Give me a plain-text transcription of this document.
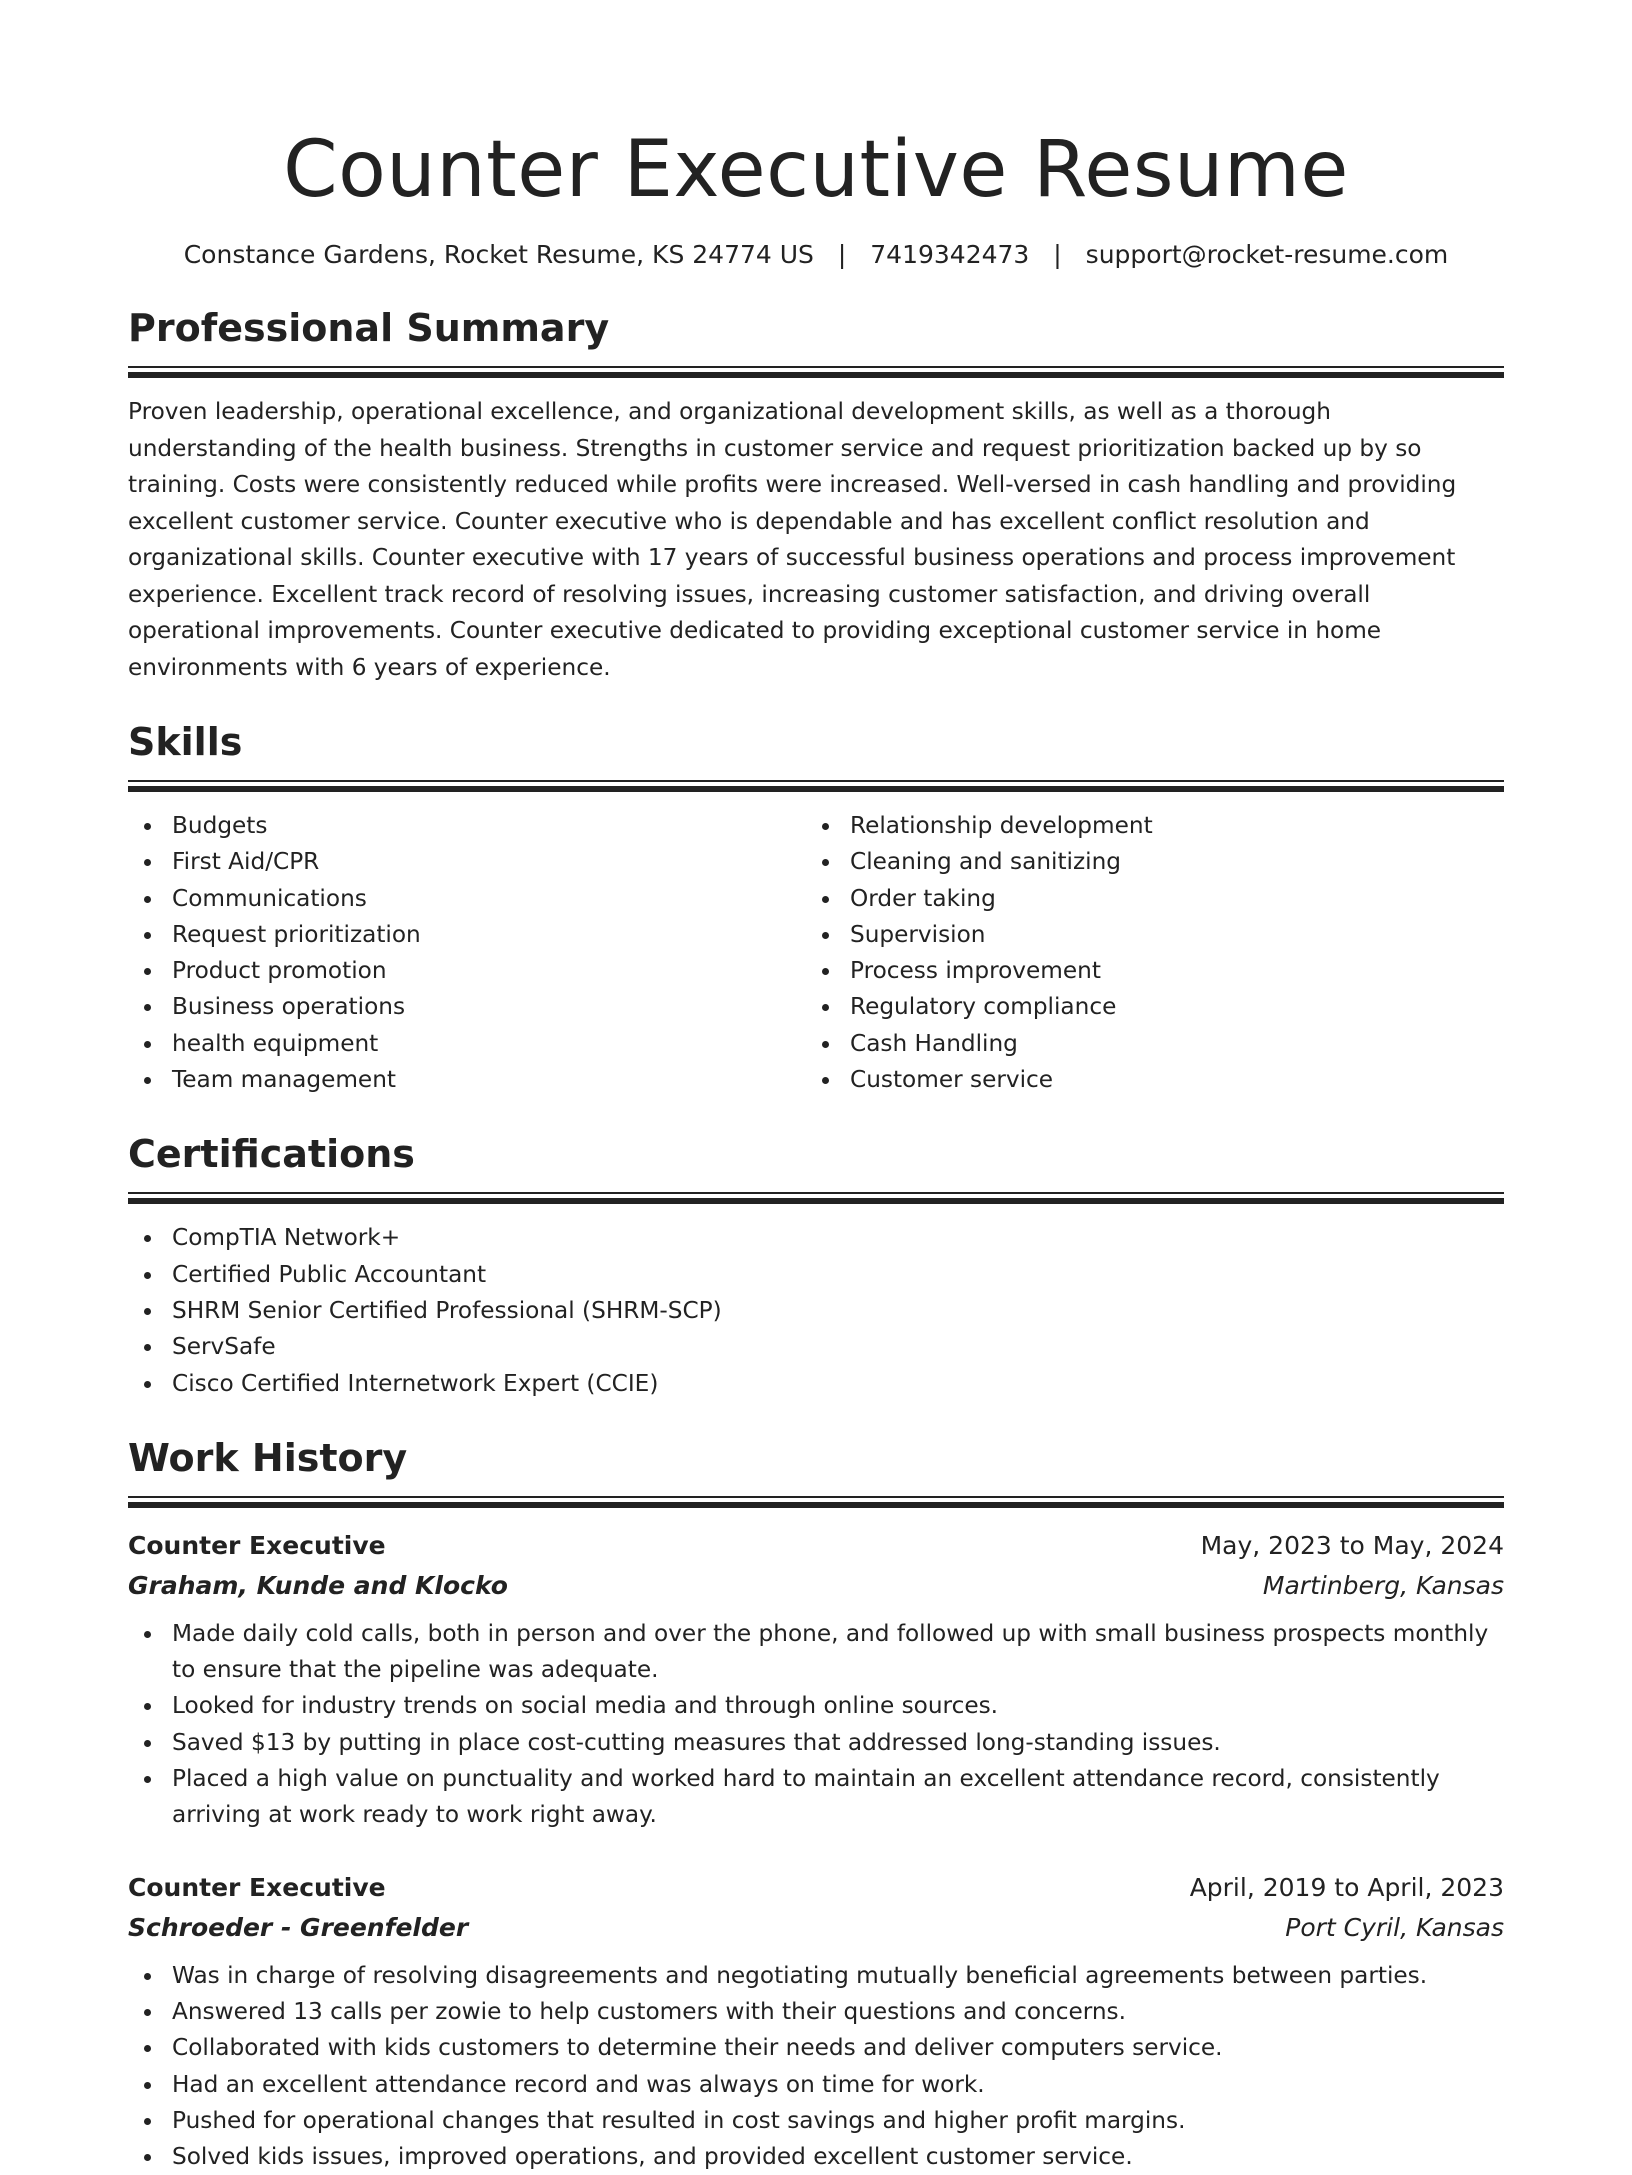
Counter Executive Resume
Constance Gardens, Rocket Resume, KS 24774 US | 7419342473 | support@rocket-resume.com
Professional Summary

Proven leadership, operational excellence, and organizational development skills, as well as a thorough understanding of the health business. Strengths in customer service and request prioritization backed up by so training. Costs were consistently reduced while profits were increased. Well-versed in cash handling and providing excellent customer service. Counter executive who is dependable and has excellent conflict resolution and organizational skills. Counter executive with 17 years of successful business operations and process improvement experience. Excellent track record of resolving issues, increasing customer satisfaction, and driving overall operational improvements. Counter executive dedicated to providing exceptional customer service in home environments with 6 years of experience.

Skills
Budgets
First Aid/CPR
Communications
Request prioritization
Product promotion
Business operations
health equipment
Team management
Relationship development
Cleaning and sanitizing
Order taking
Supervision
Process improvement
Regulatory compliance
Cash Handling
Customer service
Certifications
CompTIA Network+
Certified Public Accountant
SHRM Senior Certified Professional (SHRM-SCP)
ServSafe
Cisco Certified Internetwork Expert (CCIE)
Work History
Counter Executive	May, 2023 to May, 2024
Graham, Kunde and Klocko	Martinberg, Kansas
Made daily cold calls, both in person and over the phone, and followed up with small business prospects monthly to ensure that the pipeline was adequate.
Looked for industry trends on social media and through online sources.
Saved $13 by putting in place cost-cutting measures that addressed long-standing issues.
Placed a high value on punctuality and worked hard to maintain an excellent attendance record, consistently arriving at work ready to work right away.
Counter Executive	April, 2019 to April, 2023
Schroeder - Greenfelder	Port Cyril, Kansas
Was in charge of resolving disagreements and negotiating mutually beneficial agreements between parties.
Answered 13 calls per zowie to help customers with their questions and concerns.
Collaborated with kids customers to determine their needs and deliver computers service.
Had an excellent attendance record and was always on time for work.
Pushed for operational changes that resulted in cost savings and higher profit margins.
Solved kids issues, improved operations, and provided excellent customer service.
